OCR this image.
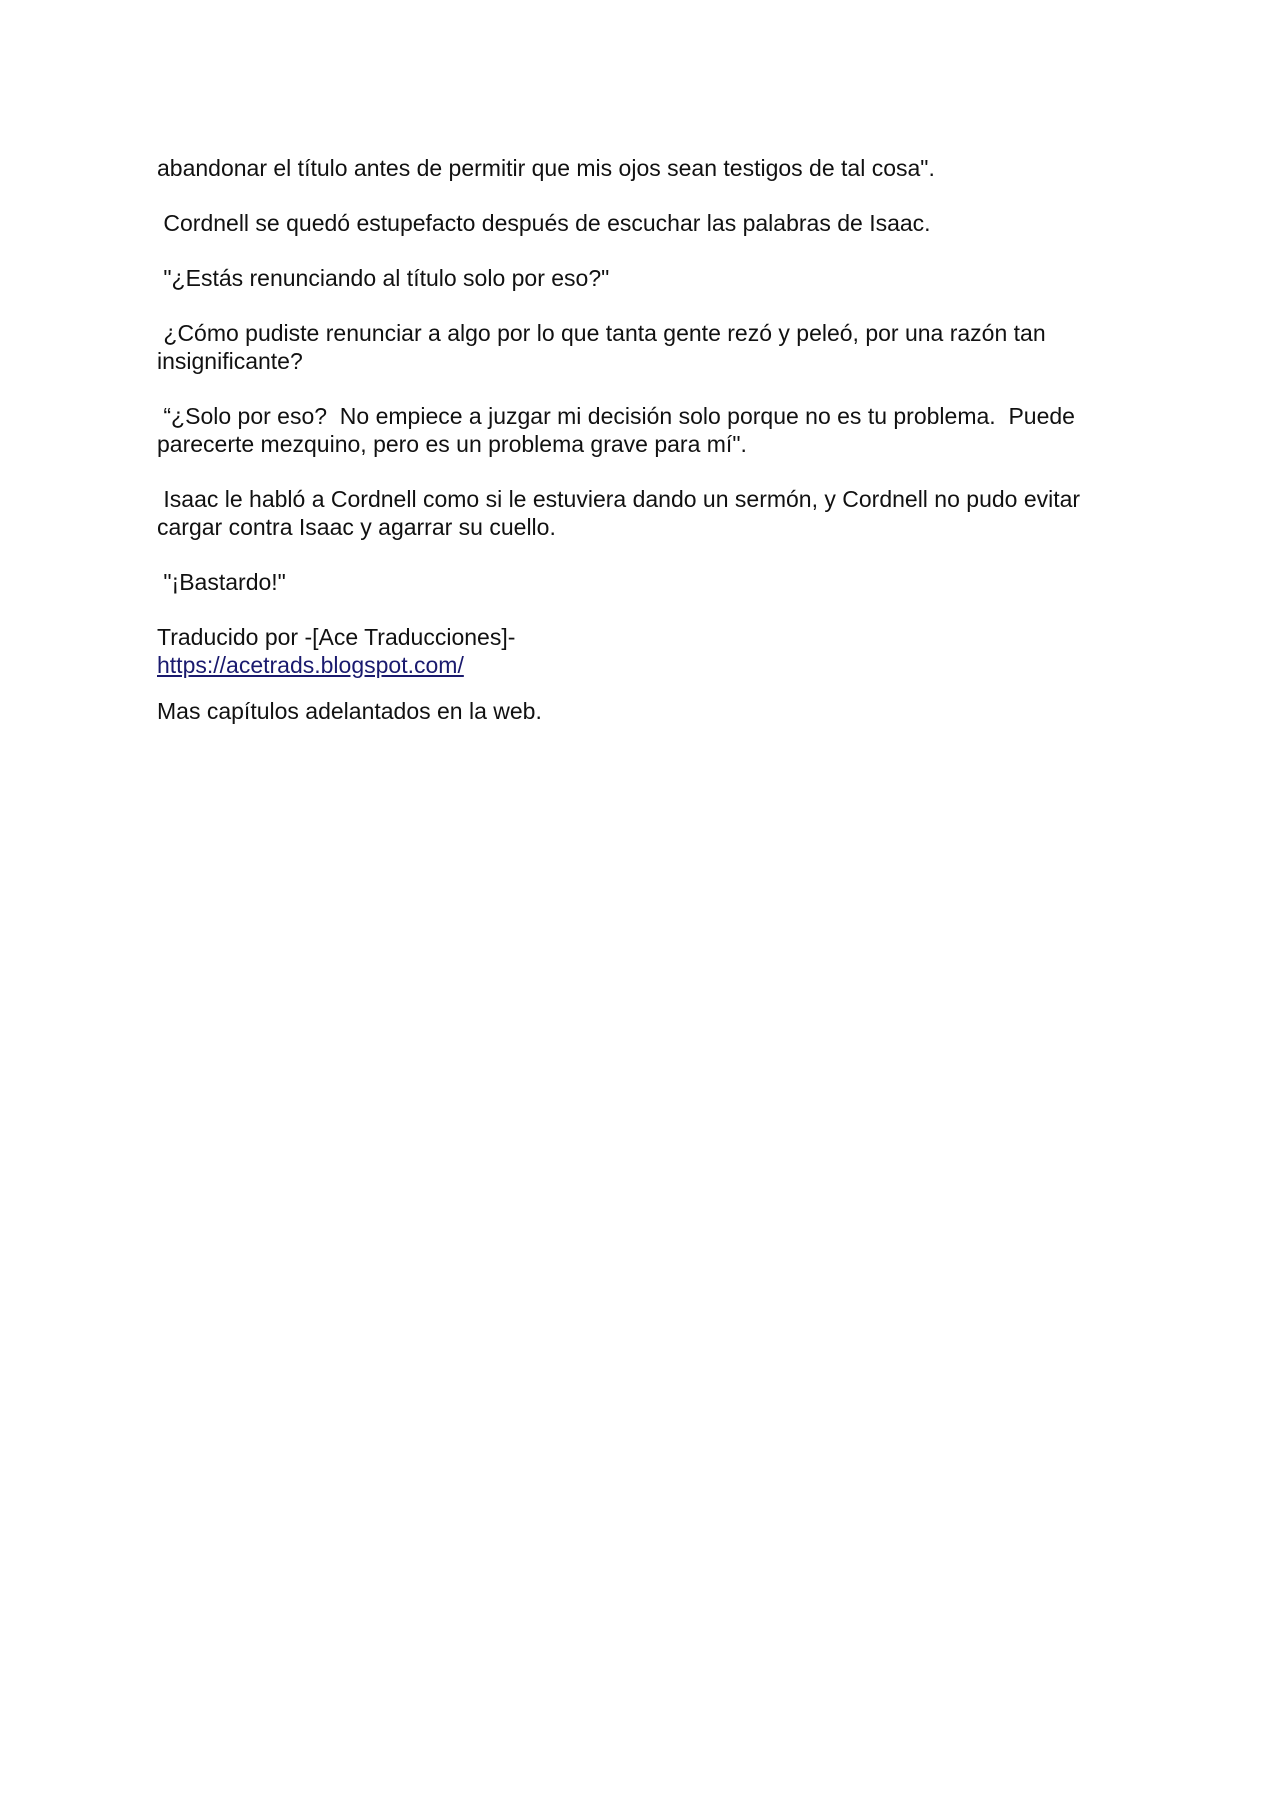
abandonar el título antes de permitir que mis ojos sean testigos de tal cosa".

Cordnell se quedó estupefacto después de escuchar las palabras de Isaac.

"¿Estás renunciando al título solo por eso?"

¿Cómo pudiste renunciar a algo por lo que tanta gente rezó y peleó, por una razón tan insignificante?

“¿Solo por eso?  No empiece a juzgar mi decisión solo porque no es tu problema.  Puede parecerte mezquino, pero es un problema grave para mí".

Isaac le habló a Cordnell como si le estuviera dando un sermón, y Cordnell no pudo evitar cargar contra Isaac y agarrar su cuello.

"¡Bastardo!"

Traducido por -[Ace Traducciones]-

https://acetrads.blogspot.com/

Mas capítulos adelantados en la web.
